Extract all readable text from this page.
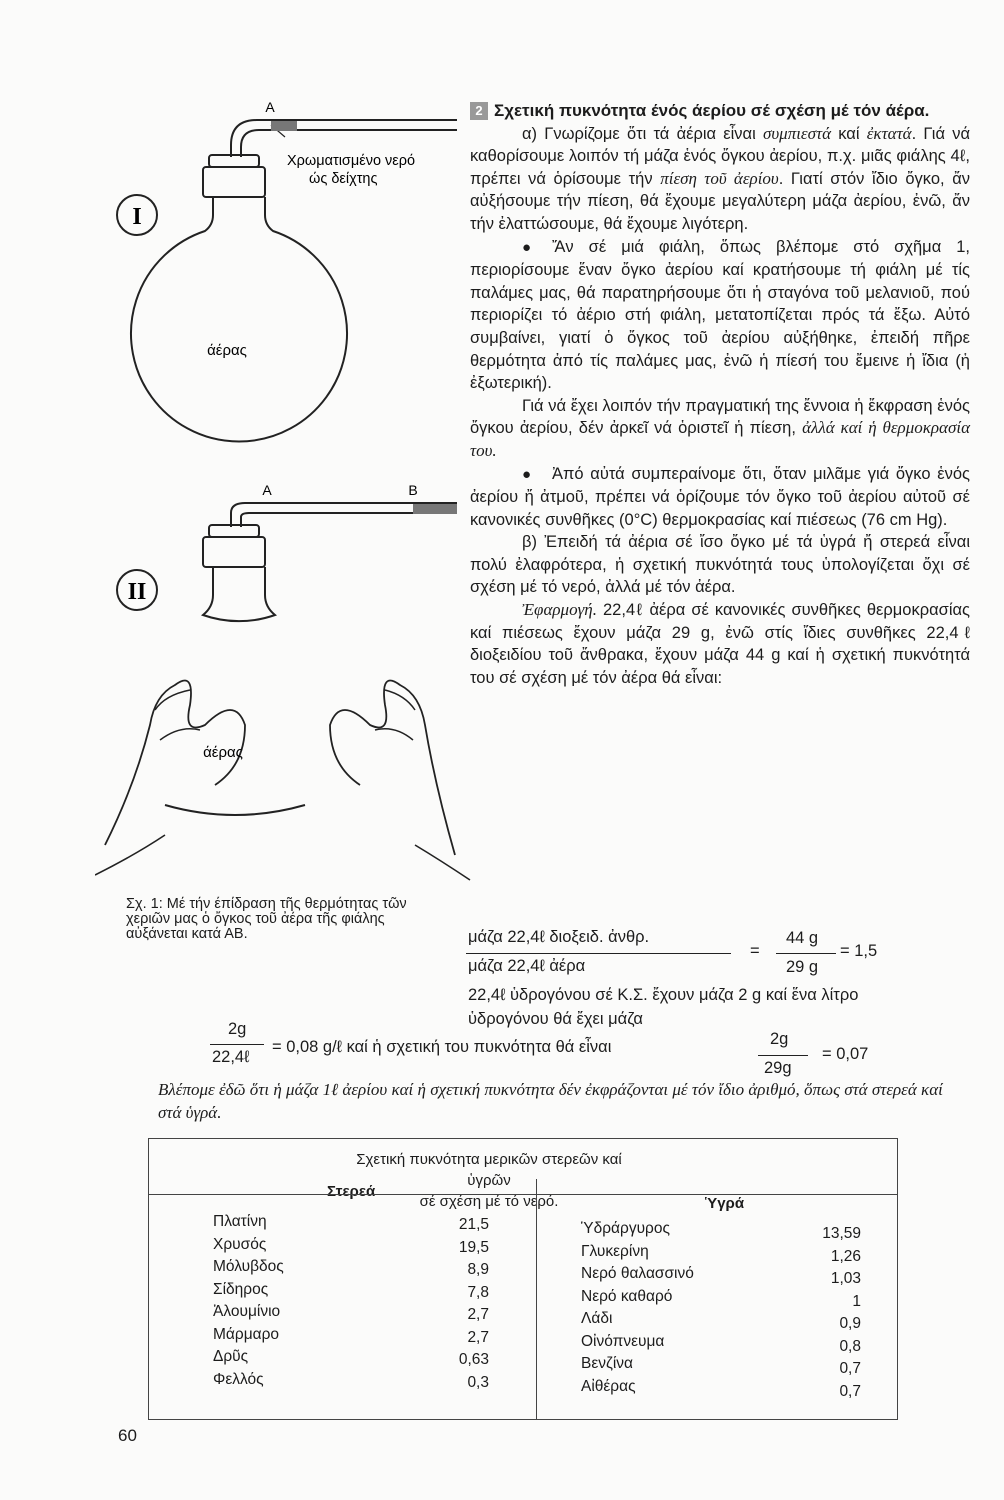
I
II
A
A	B
Χρωματισμένο νερό
ώς δείχτης
άέρας
άέρας
Σχ. 1: Μέ τήν έπίδραση τῆς θερμότητας τῶν χεριῶν μας ὁ ὄγκος τοῦ ἀέρα τῆς φιάλης αὐξάνεται κατά ΑΒ.

2 Σχετική πυκνότητα ένός άερίου σέ σχέση μέ τόν άέρα.

α) Γνωρίζομε ὅτι τά ἀέρια εἶναι συμπιεστά καί ἐκτατά. Γιά νά καθορίσουμε λοιπόν τή μάζα ἑνός ὄγκου ἀερίου, π.χ. μιᾶς φιάλης 4ℓ, πρέπει νά ὁρίσουμε τήν πίεση τοῦ ἀερίου. Γιατί στόν ἴδιο ὄγκο, ἄν αὐξήσουμε τήν πίεση, θά ἔχουμε μεγαλύτερη μάζα ἀερίου, ἐνῶ, ἄν τήν ἐλαττώσουμε, θά ἔχουμε λιγότερη.

● Ἄν σέ μιά φιάλη, ὅπως βλέπομε στό σχῆμα 1, περιορίσουμε ἕναν ὄγκο ἀερίου καί κρατήσουμε τή φιάλη μέ τίς παλάμες μας, θά παρατηρήσουμε ὅτι ἡ σταγόνα τοῦ μελανιοῦ, πού περιορίζει τό ἀέριο στή φιάλη, μετατοπίζεται πρός τά ἔξω. Αὐτό συμβαίνει, γιατί ὁ ὄγκος τοῦ ἀερίου αὐξήθηκε, ἐπειδή πῆρε θερμότητα ἀπό τίς παλάμες μας, ἐνῶ ἡ πίεσή του ἔμεινε ἡ ἴδια (ἡ ἐξωτερική).

Γιά νά ἔχει λοιπόν τήν πραγματική της ἔννοια ἡ ἔκφραση ἑνός ὄγκου ἀερίου, δέν ἀρκεῖ νά ὁριστεῖ ἡ πίεση, ἀλλά καί ἡ θερμοκρασία του.

● Ἀπό αὐτά συμπεραίνομε ὅτι, ὅταν μιλᾶμε γιά ὄγκο ἑνός ἀερίου ἤ ἀτμοῦ, πρέπει νά ὁρίζουμε τόν ὄγκο τοῦ ἀερίου αὐτοῦ σέ κανονικές συνθῆκες (0°C) θερμοκρασίας καί πιέσεως (76 cm Hg).

β) Ἐπειδή τά ἀέρια σέ ἴσο ὄγκο μέ τά ὑγρά ἤ στερεά εἶναι πολύ ἐλαφρότερα, ἡ σχετική πυκνότητά τους ὑπολογίζεται ὄχι σέ σχέση μέ τό νερό, ἀλλά μέ τόν ἀέρα.

Ἐφαρμογή. 22,4ℓ ἀέρα σέ κανονικές συνθῆκες θερμοκρασίας καί πιέσεως ἔχουν μάζα 29 g, ἐνῶ στίς ἴδιες συνθῆκες 22,4ℓ διοξειδίου τοῦ ἄνθρακα, ἔχουν μάζα 44 g καί ἡ σχετική πυκνότητά του σέ σχέση μέ τόν ἀέρα θά εἶναι:

μάζα 22,4ℓ διοξειδ. ἀνθρ.
μάζα 22,4ℓ ἀέρα
=
44 g
29 g
= 1,5
22,4ℓ ὑδρογόνου σέ Κ.Σ. ἔχουν μάζα 2 g καί ἕνα λίτρο
ὑδρογόνου θά ἔχει μάζα
2g
22,4ℓ
= 0,08 g/ℓ καί ἡ σχετική του πυκνότητα θά εἶναι	2g
29g
= 0,07
Βλέπομε ἐδῶ ὅτι ἡ μάζα 1ℓ ἀερίου καί ἡ σχετική πυκνότητα δέν ἐκφράζονται μέ τόν ἴδιο ἀριθμό, ὅπως στά στερεά καί στά ὑγρά.
Σχετική πυκνότητα μερικῶν στερεῶν καί ὑγρῶν
σέ σχέση μέ τό νερό.
Στερεά
Ὑγρά
Πλατίνη
Χρυσός
Μόλυβδος
Σίδηρος
Ἀλουμίνιο
Μάρμαρο
Δρῦς
Φελλός
21,5
19,5
8,9
7,8
2,7
2,7
0,63
0,3
Ὑδράργυρος
Γλυκερίνη
Νερό θαλασσινό
Νερό καθαρό
Λάδι
Οἰνόπνευμα
Βενζίνα
Αἰθέρας
13,59
1,26
1,03
1
0,9
0,8
0,7
0,7
60
